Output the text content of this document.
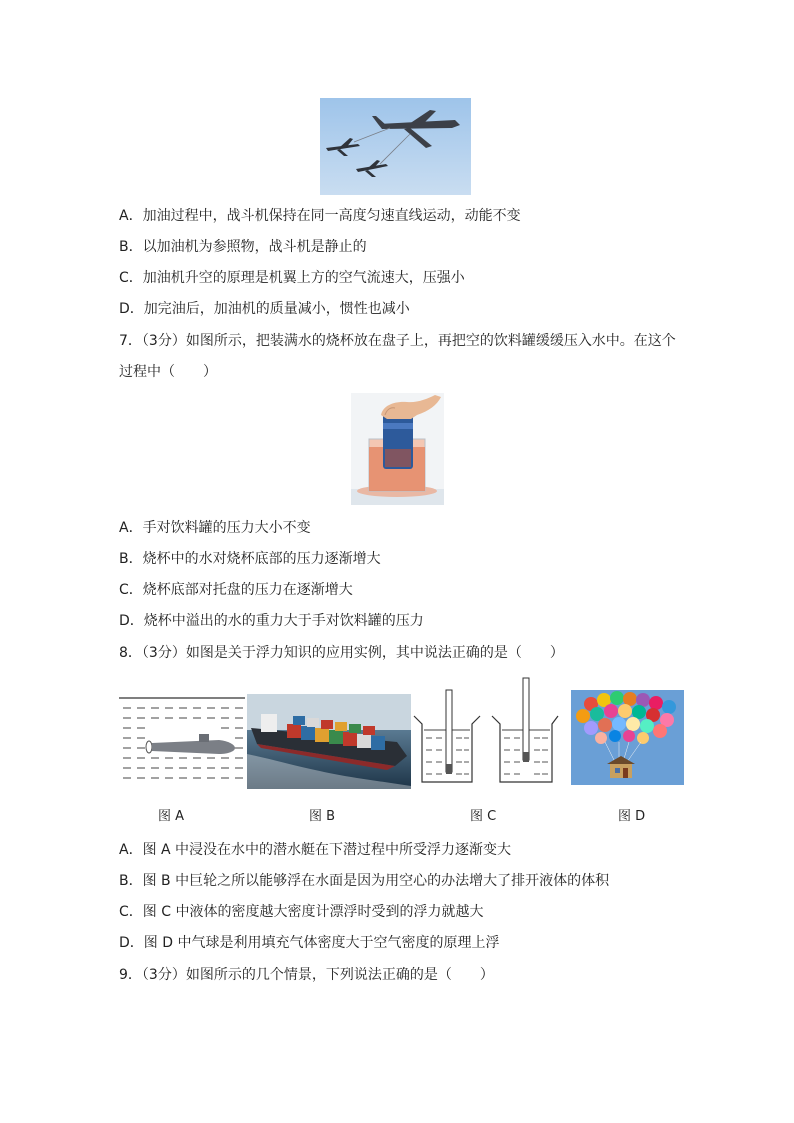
A．加油过程中，战斗机保持在同一高度匀速直线运动，动能不变
B．以加油机为参照物，战斗机是静止的
C．加油机升空的原理是机翼上方的空气流速大，压强小
D．加完油后，加油机的质量减小，惯性也减小
7．（3分）如图所示，把装满水的烧杯放在盘子上，再把空的饮料罐缓缓压入水中。在这个
过程中（　　）
A．手对饮料罐的压力大小不变
B．烧杯中的水对烧杯底部的压力逐渐增大
C．烧杯底部对托盘的压力在逐渐增大
D．烧杯中溢出的水的重力大于手对饮料罐的压力
8．（3分）如图是关于浮力知识的应用实例，其中说法正确的是（　　）
图 A	图 B	图 C	图 D
A．图 A 中浸没在水中的潜水艇在下潜过程中所受浮力逐渐变大
B．图 B 中巨轮之所以能够浮在水面是因为用空心的办法增大了排开液体的体积
C．图 C 中液体的密度越大密度计漂浮时受到的浮力就越大
D．图 D 中气球是利用填充气体密度大于空气密度的原理上浮
9．（3分）如图所示的几个情景，下列说法正确的是（　　）
